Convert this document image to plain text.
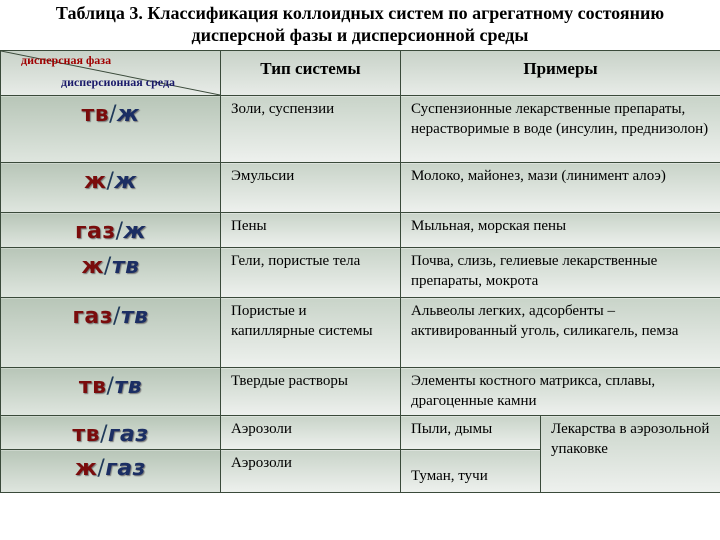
Таблица 3. Классификация коллоидных систем по агрегатному состоянию
дисперсной фазы и дисперсионной среды
дисперсная фаза
дисперсионная среда	Тип системы	Примеры	

тв/ж	Золи, суспензии	Суспензионные лекарственные препараты, нерастворимые в воде (инсулин, преднизолон)	

ж/ж	Эмульсии	Молоко, майонез, мази (линимент алоэ)	

газ/ж	Пены	Мыльная, морская пены	

ж/тв	Гели, пористые тела	Почва, слизь, гелиевые лекарственные препараты, мокрота	

газ/тв	Пористые и капиллярные системы	Альвеолы легких, адсорбенты – активированный уголь, силикагель, пемза	

тв/тв	Твердые растворы	Элементы костного матрикса, сплавы, драгоценные камни	

тв/газ	Аэрозоли	Пыли, дымы	Лекарства в аэрозольной упаковке

ж/газ	Аэрозоли	Туман, тучи	
